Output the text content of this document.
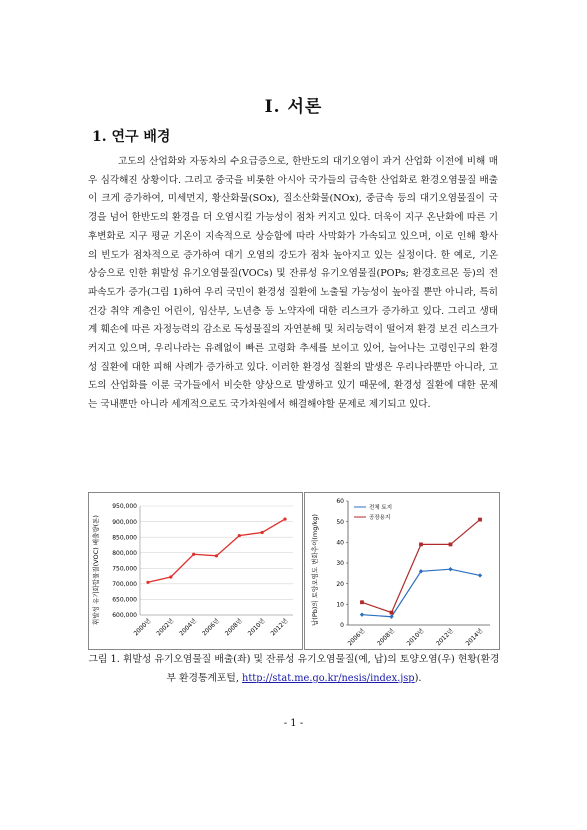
I. 서론
1. 연구 배경

고도의 산업화와 자동차의 수요급증으로, 한반도의 대기오염이 과거 산업화 이전에 비해 매우 심각해진 상황이다. 그리고 중국을 비롯한 아시아 국가들의 급속한 산업화로 환경오염물질 배출이 크게 증가하여, 미세먼지, 황산화물(SOx), 질소산화물(NOx), 중금속 등의 대기오염물질이 국경을 넘어 한반도의 환경을 더 오염시킬 가능성이 점차 커지고 있다. 더욱이 지구 온난화에 따른 기후변화로 지구 평균 기온이 지속적으로 상승함에 따라 사막화가 가속되고 있으며, 이로 인해 황사의 빈도가 점차적으로 증가하여 대기 오염의 강도가 점차 높아지고 있는 실정이다. 한 예로, 기온 상승으로 인한 휘발성 유기오염물질(VOCs) 및 잔류성 유기오염물질(POPs; 환경호르몬 등)의 전파속도가 증가(그림 1)하여 우리 국민이 환경성 질환에 노출될 가능성이 높아질 뿐만 아니라, 특히 건강 취약 계층인 어린이, 임산부, 노년층 등 노약자에 대한 리스크가 증가하고 있다. 그리고 생태계 훼손에 따른 자정능력의 감소로 독성물질의 자연분해 및 처리능력이 떨어져 환경 보건 리스크가 커지고 있으며, 우리나라는 유례없이 빠른 고령화 추세를 보이고 있어, 늘어나는 고령인구의 환경성 질환에 대한 피해 사례가 증가하고 있다. 이러한 환경성 질환의 발생은 우리나라뿐만 아니라, 고도의 산업화를 이룬 국가들에서 비슷한 양상으로 발생하고 있기 때문에, 환경성 질환에 대한 문제는 국내뿐만 아니라 세계적으로도 국가차원에서 해결해야할 문제로 제기되고 있다.

휘발성 유기화합물질(VOC) 배출량(톤) 600,000
650,000
700,000
750,000
800,000
850,000
900,000
950,000
2000년 2002년 2004년 2006년 2008년 2010년 2012년
납(Pb)의 토양오염도 변화추이(mg/kg)	0
10
20
30
40
50
60
2006년 2008년 2010년 2012년 2014년
전체 토지
공장용지
그림 1. 휘발성 유기오염물질 배출(좌) 및 잔류성 유기오염물질(예, 납)의 토양오염(우) 현황(환경부 환경통계포털, http://stat.me.go.kr/nesis/index.jsp).
- 1 -
